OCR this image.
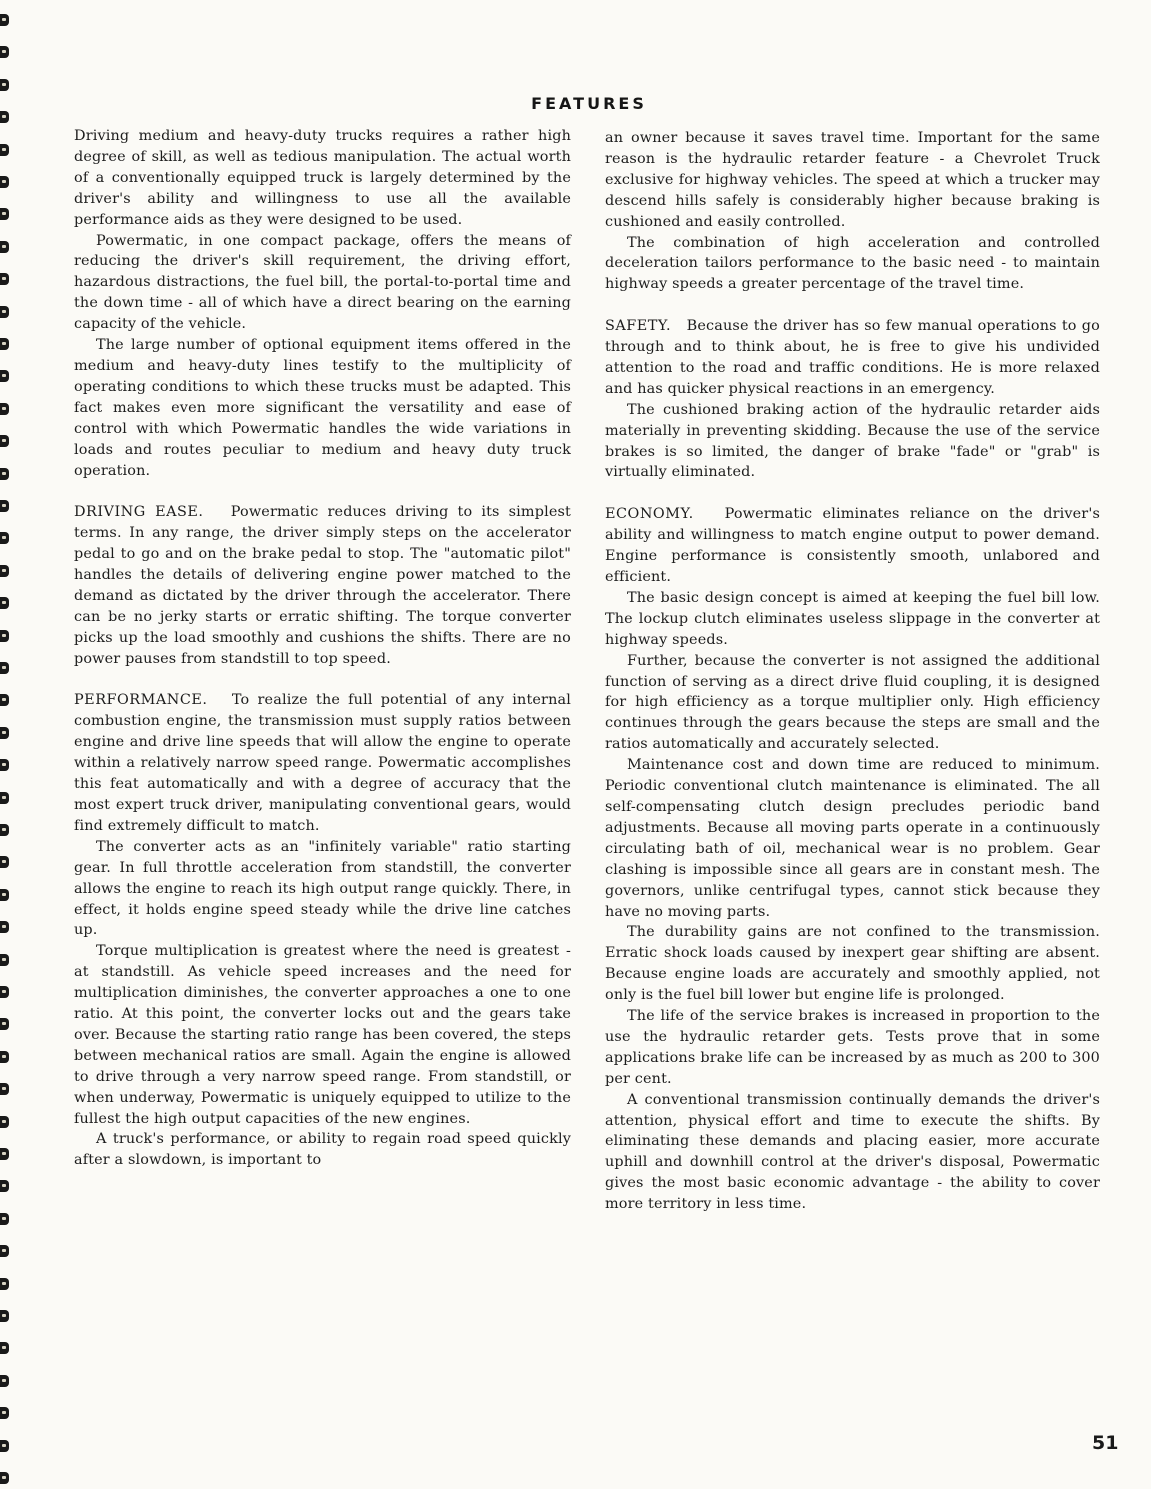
FEATURES

Driving medium and heavy-duty trucks requires a rather high degree of skill, as well as tedious manipulation. The actual worth of a conventionally equipped truck is largely determined by the driver's ability and willingness to use all the available performance aids as they were designed to be used.

Powermatic, in one compact package, offers the means of reducing the driver's skill requirement, the driving effort, hazardous distractions, the fuel bill, the portal-to-portal time and the down time - all of which have a direct bearing on the earning capacity of the vehicle.

The large number of optional equipment items offered in the medium and heavy-duty lines testify to the multiplicity of operating conditions to which these trucks must be adapted. This fact makes even more significant the versatility and ease of control with which Powermatic handles the wide variations in loads and routes peculiar to medium and heavy duty truck operation.

DRIVING EASE. Powermatic reduces driving to its simplest terms. In any range, the driver simply steps on the accelerator pedal to go and on the brake pedal to stop. The "automatic pilot" handles the details of delivering engine power matched to the demand as dictated by the driver through the accelerator. There can be no jerky starts or erratic shifting. The torque converter picks up the load smoothly and cushions the shifts. There are no power pauses from standstill to top speed.

PERFORMANCE. To realize the full potential of any internal combustion engine, the transmission must supply ratios between engine and drive line speeds that will allow the engine to operate within a relatively narrow speed range. Powermatic accomplishes this feat automatically and with a degree of accuracy that the most expert truck driver, manipulating conventional gears, would find extremely difficult to match.

The converter acts as an "infinitely variable" ratio starting gear. In full throttle acceleration from standstill, the converter allows the engine to reach its high output range quickly. There, in effect, it holds engine speed steady while the drive line catches up.

Torque multiplication is greatest where the need is greatest - at standstill. As vehicle speed increases and the need for multiplication diminishes, the converter approaches a one to one ratio. At this point, the converter locks out and the gears take over. Because the starting ratio range has been covered, the steps between mechanical ratios are small. Again the engine is allowed to drive through a very narrow speed range. From standstill, or when underway, Powermatic is uniquely equipped to utilize to the fullest the high output capacities of the new engines.

A truck's performance, or ability to regain road speed quickly after a slowdown, is important to

an owner because it saves travel time. Important for the same reason is the hydraulic retarder feature - a Chevrolet Truck exclusive for highway vehicles. The speed at which a trucker may descend hills safely is considerably higher because braking is cushioned and easily controlled.

The combination of high acceleration and controlled deceleration tailors performance to the basic need - to maintain highway speeds a greater percentage of the travel time.

SAFETY. Because the driver has so few manual operations to go through and to think about, he is free to give his undivided attention to the road and traffic conditions. He is more relaxed and has quicker physical reactions in an emergency.

The cushioned braking action of the hydraulic retarder aids materially in preventing skidding. Because the use of the service brakes is so limited, the danger of brake "fade" or "grab" is virtually eliminated.

ECONOMY. Powermatic eliminates reliance on the driver's ability and willingness to match engine output to power demand. Engine performance is consistently smooth, unlabored and efficient.

The basic design concept is aimed at keeping the fuel bill low. The lockup clutch eliminates useless slippage in the converter at highway speeds.

Further, because the converter is not assigned the additional function of serving as a direct drive fluid coupling, it is designed for high efficiency as a torque multiplier only. High efficiency continues through the gears because the steps are small and the ratios automatically and accurately selected.

Maintenance cost and down time are reduced to minimum. Periodic conventional clutch maintenance is eliminated. The all self-compensating clutch design precludes periodic band adjustments. Because all moving parts operate in a continuously circulating bath of oil, mechanical wear is no problem. Gear clashing is impossible since all gears are in constant mesh. The governors, unlike centrifugal types, cannot stick because they have no moving parts.

The durability gains are not confined to the transmission. Erratic shock loads caused by inexpert gear shifting are absent. Because engine loads are accurately and smoothly applied, not only is the fuel bill lower but engine life is prolonged.

The life of the service brakes is increased in proportion to the use the hydraulic retarder gets. Tests prove that in some applications brake life can be increased by as much as 200 to 300 per cent.

A conventional transmission continually demands the driver's attention, physical effort and time to execute the shifts. By eliminating these demands and placing easier, more accurate uphill and downhill control at the driver's disposal, Powermatic gives the most basic economic advantage - the ability to cover more territory in less time.

51
